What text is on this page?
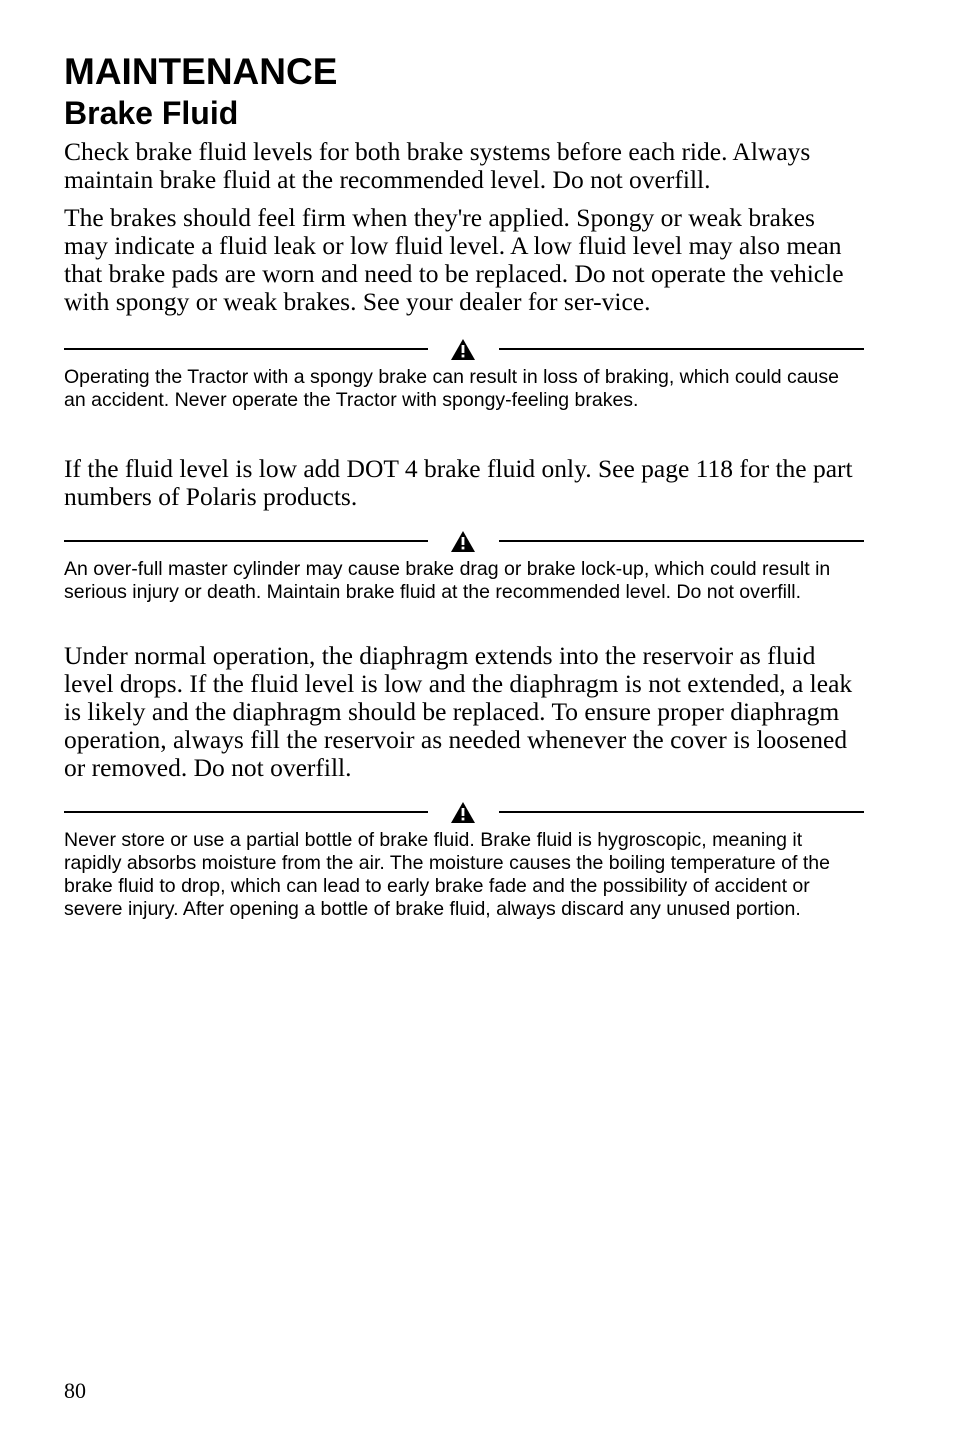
MAINTENANCE
Brake Fluid

Check brake fluid levels for both brake systems before each ride. Always maintain brake fluid at the recommended level. Do not overfill.

The brakes should feel firm when they're applied. Spongy or weak brakes may indicate a fluid leak or low fluid level. A low fluid level may also mean that brake pads are worn and need to be replaced. Do not operate the vehicle with spongy or weak brakes. See your dealer for ser-vice.

Operating the Tractor with a spongy brake can result in loss of braking, which could cause an accident. Never operate the Tractor with spongy-feeling brakes.

If the fluid level is low add DOT 4 brake fluid only. See page 118 for the part numbers of Polaris products.

An over-full master cylinder may cause brake drag or brake lock-up, which could result in serious injury or death. Maintain brake fluid at the recommended level. Do not overfill.

Under normal operation, the diaphragm extends into the reservoir as fluid level drops. If the fluid level is low and the diaphragm is not extended, a leak is likely and the diaphragm should be replaced. To ensure proper diaphragm operation, always fill the reservoir as needed whenever the cover is loosened or removed. Do not overfill.

Never store or use a partial bottle of brake fluid. Brake fluid is hygroscopic, meaning it rapidly absorbs moisture from the air. The moisture causes the boiling temperature of the brake fluid to drop, which can lead to early brake fade and the possibility of accident or severe injury. After opening a bottle of brake fluid, always discard any unused portion.

80
